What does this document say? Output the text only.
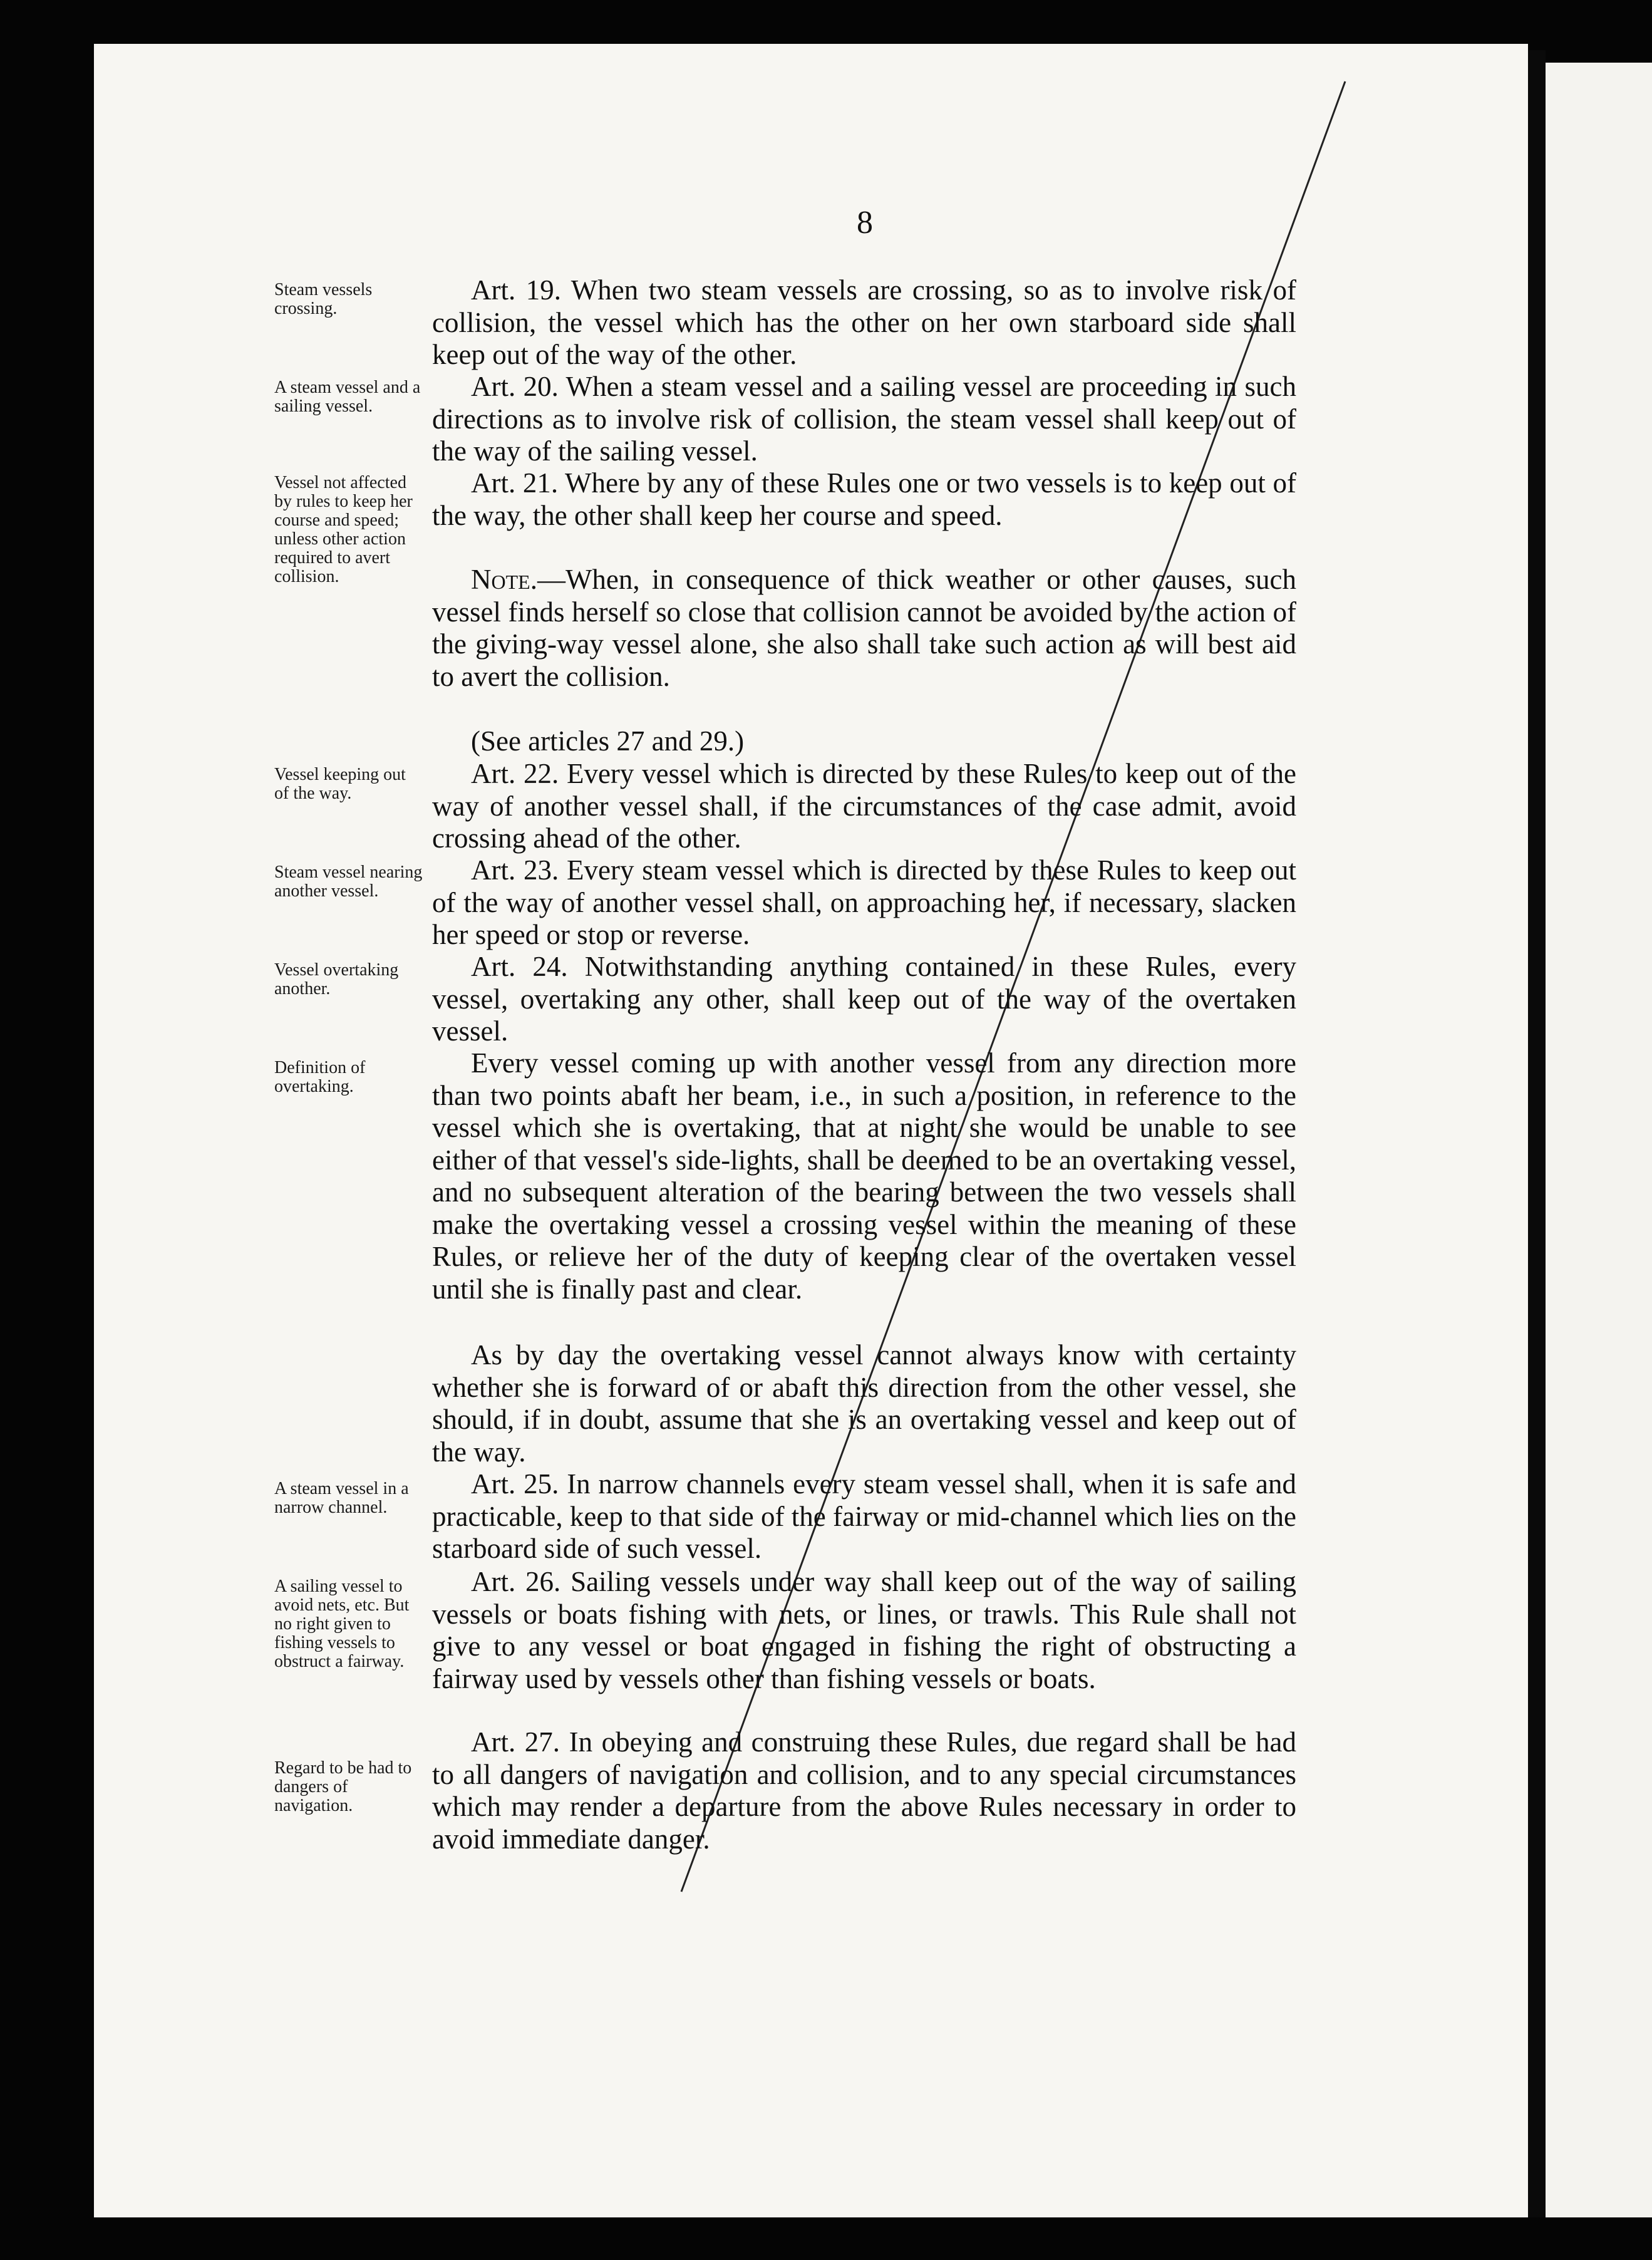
8
Steam vessels crossing.
Art. 19. When two steam vessels are crossing, so as to involve risk of collision, the vessel which has the other on her own starboard side shall keep out of the way of the other.
A steam vessel and a sailing vessel.
Art. 20. When a steam vessel and a sailing vessel are proceeding in such directions as to involve risk of collision, the steam vessel shall keep out of the way of the sailing vessel.
Vessel not affected by rules to keep her course and speed; unless other action required to avert collision.
Art. 21. Where by any of these Rules one or two vessels is to keep out of the way, the other shall keep her course and speed.
Note.—When, in consequence of thick weather or other causes, such vessel finds herself so close that collision cannot be avoided by the action of the giving-way vessel alone, she also shall take such action as will best aid to avert the collision.
(See articles 27 and 29.)
Vessel keeping out of the way.
Art. 22. Every vessel which is directed by these Rules to keep out of the way of another vessel shall, if the circumstances of the case admit, avoid crossing ahead of the other.
Steam vessel nearing another vessel.
Art. 23. Every steam vessel which is directed by these Rules to keep out of the way of another vessel shall, on approaching her, if necessary, slacken her speed or stop or reverse.
Vessel overtaking another.
Art. 24. Notwithstanding anything contained in these Rules, every vessel, overtaking any other, shall keep out of the way of the overtaken vessel.
Definition of overtaking.
Every vessel coming up with another vessel from any direction more than two points abaft her beam, i.e., in such a position, in reference to the vessel which she is overtaking, that at night she would be unable to see either of that vessel's side-lights, shall be deemed to be an overtaking vessel, and no subsequent alteration of the bearing between the two vessels shall make the overtaking vessel a crossing vessel within the meaning of these Rules, or relieve her of the duty of keeping clear of the overtaken vessel until she is finally past and clear.
As by day the overtaking vessel cannot always know with certainty whether she is forward of or abaft this direction from the other vessel, she should, if in doubt, assume that she is an overtaking vessel and keep out of the way.
A steam vessel in a narrow channel.
Art. 25. In narrow channels every steam vessel shall, when it is safe and practicable, keep to that side of the fairway or mid-channel which lies on the starboard side of such vessel.
A sailing vessel to avoid nets, etc. But no right given to fishing vessels to obstruct a fairway.
Art. 26. Sailing vessels under way shall keep out of the way of sailing vessels or boats fishing with nets, or lines, or trawls. This Rule shall not give to any vessel or boat engaged in fishing the right of obstructing a fairway used by vessels other than fishing vessels or boats.
Regard to be had to dangers of navigation.
Art. 27. In obeying and construing these Rules, due regard shall be had to all dangers of navigation and collision, and to any special circumstances which may render a departure from the above Rules necessary in order to avoid immediate danger.
